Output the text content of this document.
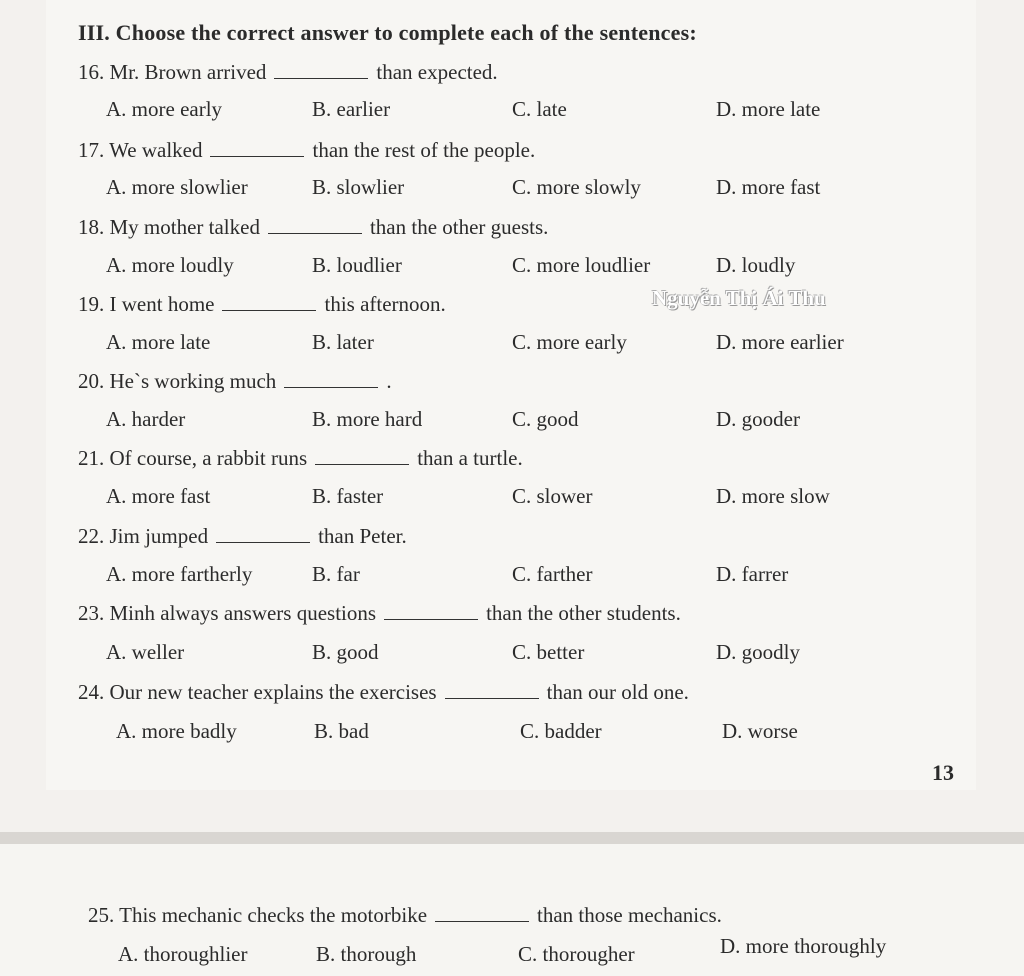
III. Choose the correct answer to complete each of the sentences:
16. Mr. Brown arrived	than expected.
A. more early	B. earlier	C. late	D. more late
17. We walked	than the rest of the people.
A. more slowlier	B. slowlier	C. more slowly	D. more fast
18. My mother talked	than the other guests.
A. more loudly	B. loudlier	C. more loudlier	D. loudly
19. I went home	this afternoon.	Nguyễn Thị Ái Thu
A. more late	B. later	C. more early	D. more earlier
20. He`s working much	.
A. harder	B. more hard	C. good	D. gooder
21. Of course, a rabbit runs	than a turtle.
A. more fast	B. faster	C. slower	D. more slow
22. Jim jumped	than Peter.
A. more fartherly	B. far	C. farther	D. farrer
23. Minh always answers questions	than the other students.
A. weller	B. good	C. better	D. goodly
24. Our new teacher explains the exercises	than our old one.
A. more badly	B. bad	C. badder	D. worse
13
25. This mechanic checks the motorbike	than those mechanics.
A. thoroughlier	B. thorough	C. thorougher	D. more thoroughly
